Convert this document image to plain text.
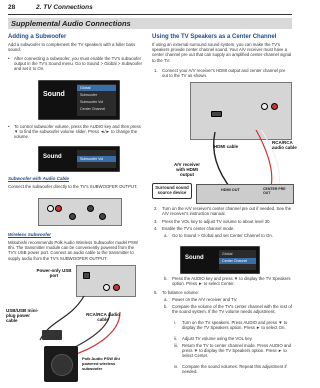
28	2. TV Connections
Supplemental Audio Connections
Adding a Subwoofer
Add a subwoofer to complement the TV speakers with a fuller bass sound.
•	After connecting a subwoofer, you must enable the TV's subwoofer output in the TV's Sound menu. Go to Sound > Global > Subwoofer and set it to On.
Sound
Global
Subwoofer
Subwoofer Vol
Center Channel
•	To control subwoofer volume, press the AUDIO key and then press ▼ to find the subwoofer volume slider. Press ◄/► to change the volume.
Sound	Subwoofer Vol
Subwoofer with Audio Cable
Connect the subwoofer directly to the TV's SUBWOOFER OUTPUT.
Wireless Subwoofer
Mitsubishi recommends Polk Audio Wireless Subwoofer model PSW 8hi. The transmitter module can be conveniently powered from the TV's USB power port. Connect an audio cable to the transmitter to supply audio from the TV's SUBWOOFER OUTPUT.
Power-only USB port
USB/USB mini-plug power cable
RCA/RCA audio cable
Polk Audio PSW 8hi powered wireless subwoofer
Using the TV Speakers as a Center Channel
If using an external surround sound system, you can make the TV's speakers provide center channel sound. Your A/V receiver must have a center channel pre out that can supply an amplified center-channel signal to the TV.
1.	Connect your A/V receiver's HDMI output and center channel pre out to the TV as shown.
HDMI cable
RCA/RCA audio cable
A/V receiver with HDMI output
Surround sound source device	HDMI OUT	CENTER PRE OUT
2.	Turn on the A/V receiver's center channel pre out if needed. See the A/V receiver's instruction manual.
3.	Press the VOL key to adjust TV volume to about level 30.
4.	Enable the TV's center channel mode.
a.	Go to Sound > Global and set Center Channel to On.
Sound
Global
Center Channel
b.	Press the AUDIO key and press ▼ to display the TV Speakers option. Press ► to select Center.
5.	To balance volume:
a.	Power on the A/V receiver and TV.
b.	Compare the volume of the TV's center channel with the rest of the sound system. If the TV volume needs adjustment,
i.	Turn on the TV speakers. Press AUDIO and press ▼ to display the TV Speakers option. Press ► to select On.
ii.	Adjust TV volume using the VOL key.
iii. Return the TV to center channel mode. Press AUDIO and press ▼ to display the TV Speakers option. Press ► to select Center.
iv. Compare the sound volumes. Repeat this adjustment if needed.
